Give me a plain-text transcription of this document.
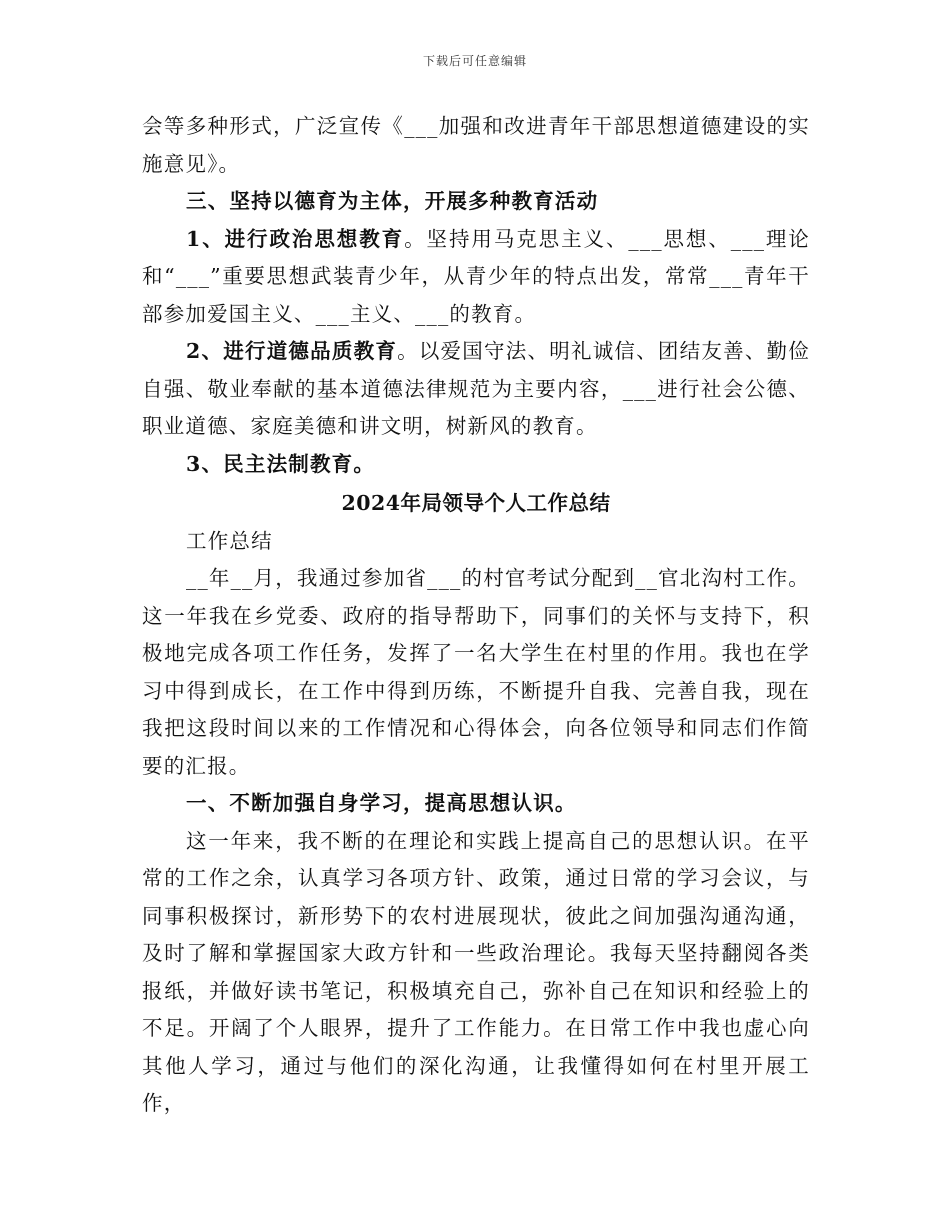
下载后可任意编辑

会等多种形式，广泛宣传《___加强和改进青年干部思想道德建设的实施意见》。

三、坚持以德育为主体，开展多种教育活动

1、进行政治思想教育。坚持用马克思主义、___思想、___理论和“___”重要思想武装青少年，从青少年的特点出发，常常___青年干部参加爱国主义、___主义、___的教育。

2、进行道德品质教育。以爱国守法、明礼诚信、团结友善、勤俭自强、敬业奉献的基本道德法律规范为主要内容，___进行社会公德、职业道德、家庭美德和讲文明，树新风的教育。

3、民主法制教育。

2024年局领导个人工作总结

工作总结

__年__月，我通过参加省___的村官考试分配到__官北沟村工作。这一年我在乡党委、政府的指导帮助下，同事们的关怀与支持下，积极地完成各项工作任务，发挥了一名大学生在村里的作用。我也在学习中得到成长，在工作中得到历练，不断提升自我、完善自我，现在我把这段时间以来的工作情况和心得体会，向各位领导和同志们作简要的汇报。

一、不断加强自身学习，提高思想认识。

这一年来，我不断的在理论和实践上提高自己的思想认识。在平常的工作之余，认真学习各项方针、政策，通过日常的学习会议，与同事积极探讨，新形势下的农村进展现状，彼此之间加强沟通沟通，及时了解和掌握国家大政方针和一些政治理论。我每天坚持翻阅各类报纸，并做好读书笔记，积极填充自己，弥补自己在知识和经验上的不足。开阔了个人眼界，提升了工作能力。在日常工作中我也虚心向其他人学习，通过与他们的深化沟通，让我懂得如何在村里开展工作，
